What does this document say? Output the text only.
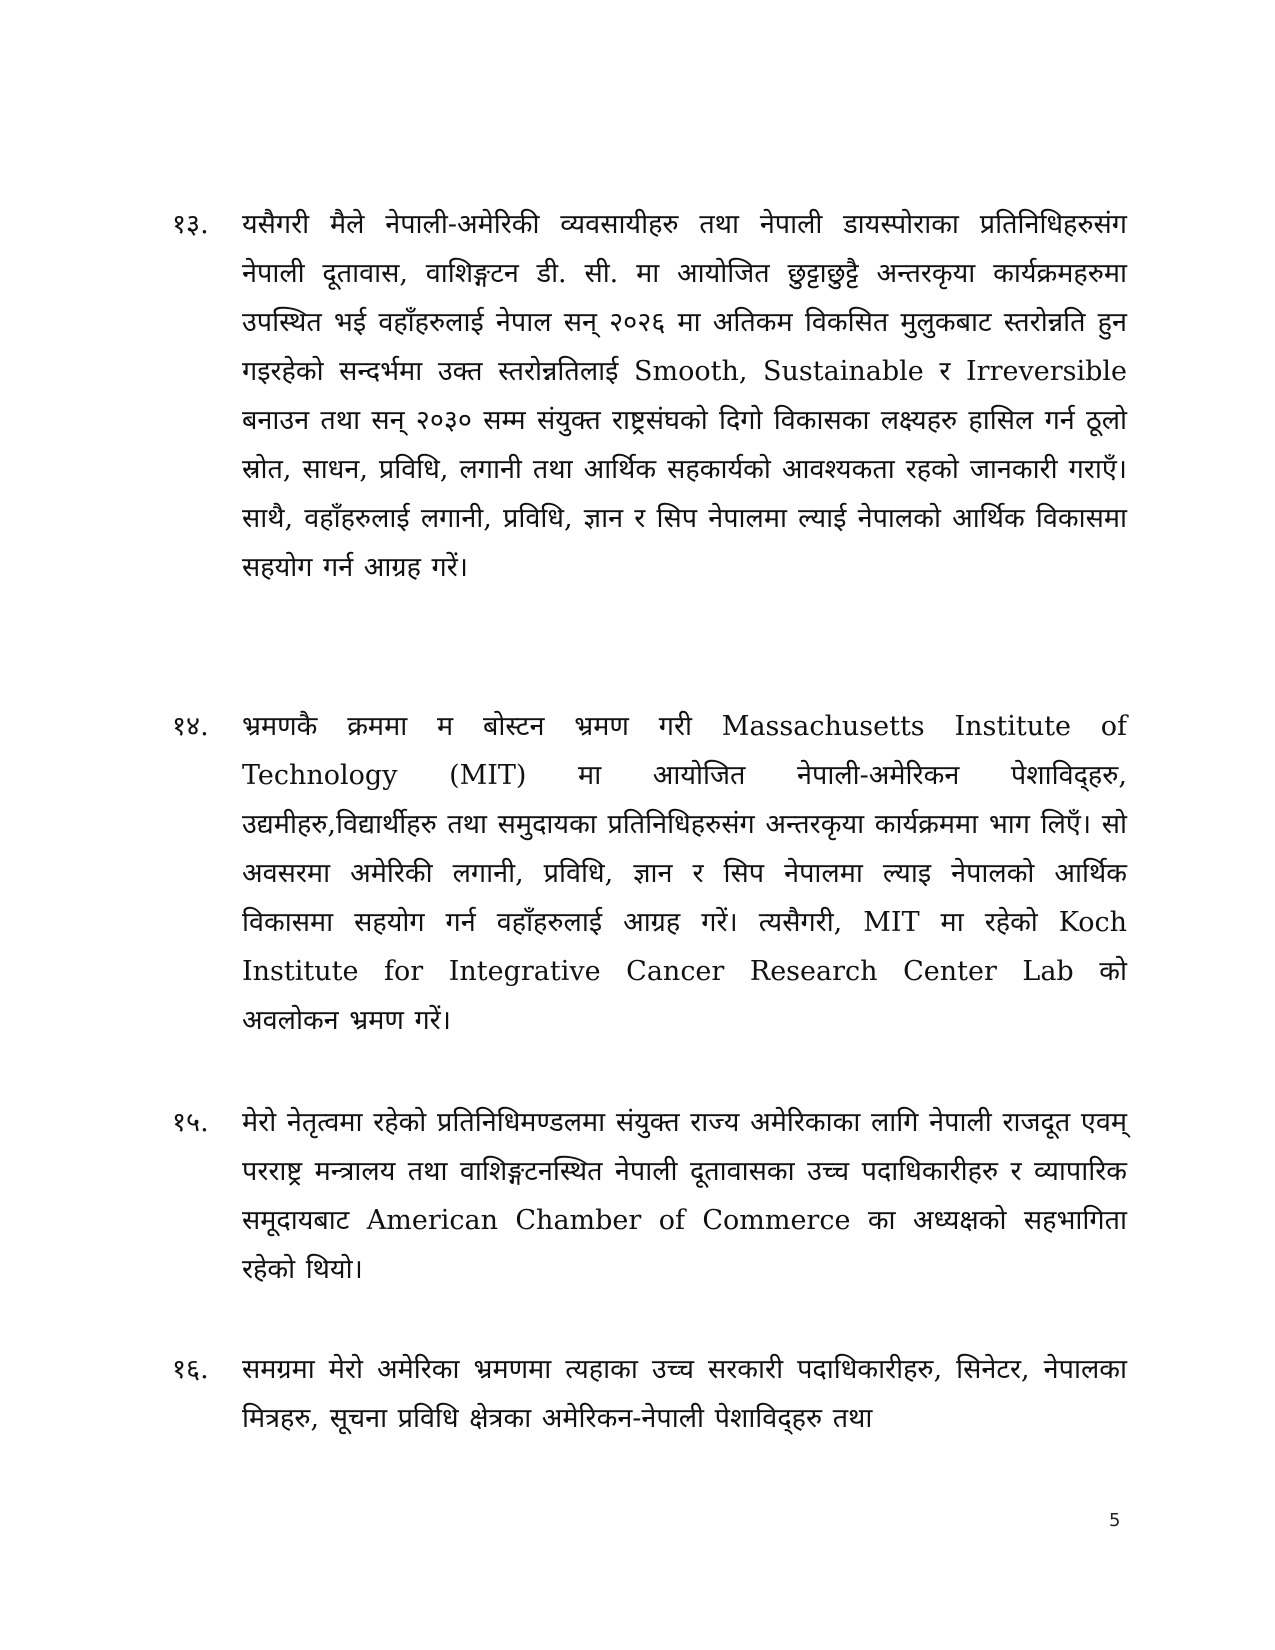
१३.	यसैगरी मैले नेपाली-अमेरिकी व्यवसायीहरु तथा नेपाली डायस्पोराका प्रतिनिधिहरुसंग नेपाली दूतावास, वाशिङ्गटन डी. सी. मा आयोजित छुट्टाछुट्टै अन्तरकृया कार्यक्रमहरुमा उपस्थित भई वहाँहरुलाई नेपाल सन् २०२६ मा अतिकम विकसित मुलुकबाट स्तरोन्नति हुन गइरहेको सन्दर्भमा उक्त स्तरोन्नतिलाई Smooth, Sustainable र Irreversible बनाउन तथा सन् २०३० सम्म संयुक्त राष्ट्रसंघको दिगो विकासका लक्ष्यहरु हासिल गर्न ठूलो स्रोत, साधन, प्रविधि, लगानी तथा आर्थिक सहकार्यको आवश्यकता रहको जानकारी गराएँ। साथै, वहाँहरुलाई लगानी, प्रविधि, ज्ञान र सिप नेपालमा ल्याई नेपालको आर्थिक विकासमा सहयोग गर्न आग्रह गरें।
१४.	भ्रमणकै क्रममा म बोस्टन भ्रमण गरी Massachusetts Institute of Technology (MIT) मा आयोजित नेपाली-अमेरिकन पेशाविद्हरु, उद्यमीहरु,विद्यार्थीहरु तथा समुदायका प्रतिनिधिहरुसंग अन्तरकृया कार्यक्रममा भाग लिएँ। सो अवसरमा अमेरिकी लगानी, प्रविधि, ज्ञान र सिप नेपालमा ल्याइ नेपालको आर्थिक विकासमा सहयोग गर्न वहाँहरुलाई आग्रह गरें। त्यसैगरी, MIT मा रहेको Koch Institute for Integrative Cancer Research Center Lab को अवलोकन भ्रमण गरें।
१५.	मेरो नेतृत्वमा रहेको प्रतिनिधिमण्डलमा संयुक्त राज्य अमेरिकाका लागि नेपाली राजदूत एवम् परराष्ट्र मन्त्रालय तथा वाशिङ्गटनस्थित नेपाली दूतावासका उच्च पदाधिकारीहरु र व्यापारिक समूदायबाट American Chamber of Commerce का अध्यक्षको सहभागिता रहेको थियो।
१६.	समग्रमा मेरो अमेरिका भ्रमणमा त्यहाका उच्च सरकारी पदाधिकारीहरु, सिनेटर, नेपालका मित्रहरु, सूचना प्रविधि क्षेत्रका अमेरिकन-नेपाली पेशाविद्हरु तथा
5
